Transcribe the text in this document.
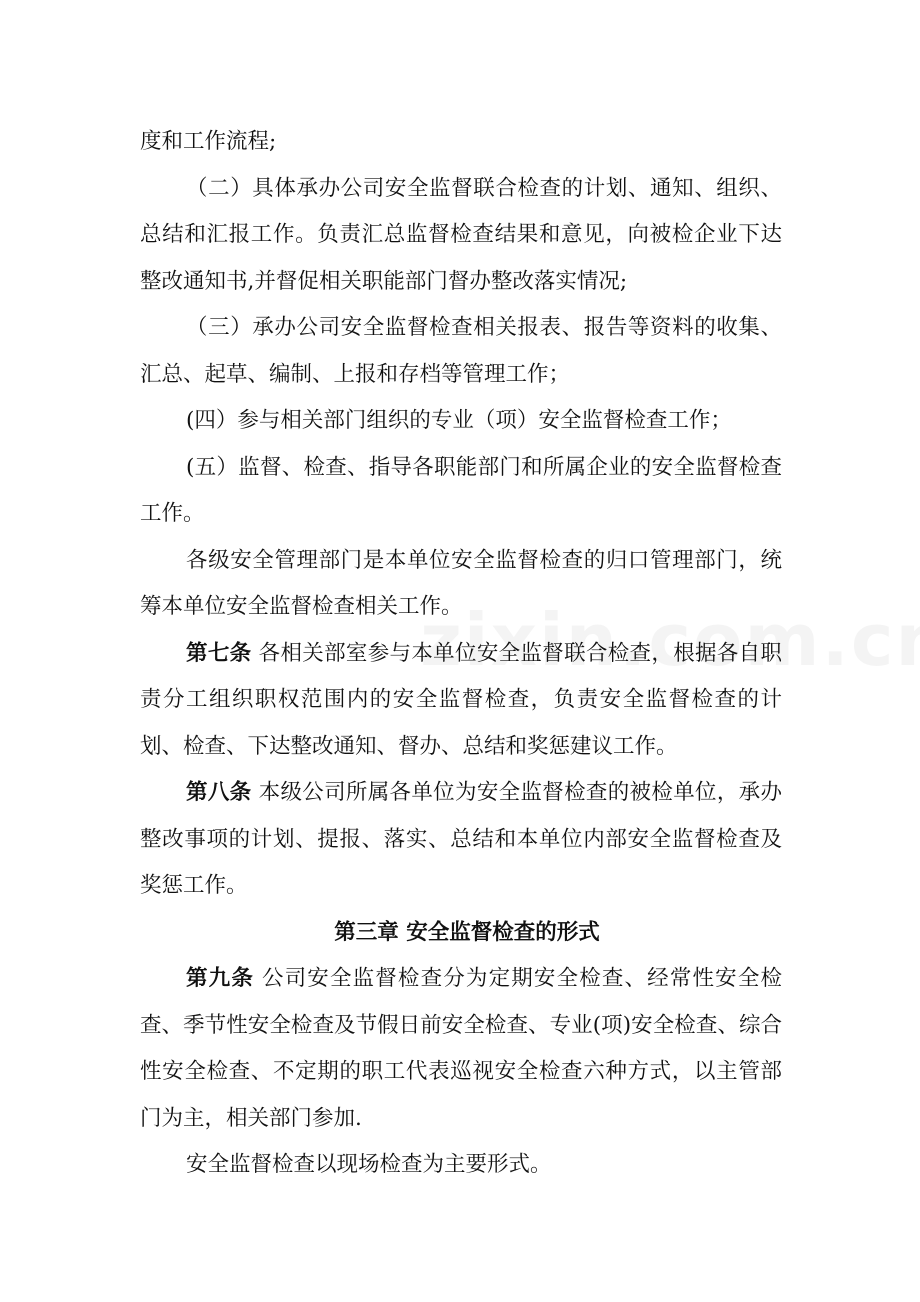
度和工作流程;

（二）具体承办公司安全监督联合检查的计划、通知、组织、总结和汇报工作。负责汇总监督检查结果和意见，向被检企业下达整改通知书,并督促相关职能部门督办整改落实情况;

（三）承办公司安全监督检查相关报表、报告等资料的收集、汇总、起草、编制、上报和存档等管理工作；

(四）参与相关部门组织的专业（项）安全监督检查工作；

(五）监督、检查、指导各职能部门和所属企业的安全监督检查工作。

各级安全管理部门是本单位安全监督检查的归口管理部门，统筹本单位安全监督检查相关工作。

第七条 各相关部室参与本单位安全监督联合检查，根据各自职责分工组织职权范围内的安全监督检查，负责安全监督检查的计划、检查、下达整改通知、督办、总结和奖惩建议工作。

第八条 本级公司所属各单位为安全监督检查的被检单位，承办整改事项的计划、提报、落实、总结和本单位内部安全监督检查及奖惩工作。

第三章 安全监督检查的形式

第九条 公司安全监督检查分为定期安全检查、经常性安全检查、季节性安全检查及节假日前安全检查、专业(项)安全检查、综合性安全检查、不定期的职工代表巡视安全检查六种方式，以主管部门为主，相关部门参加.

安全监督检查以现场检查为主要形式。
